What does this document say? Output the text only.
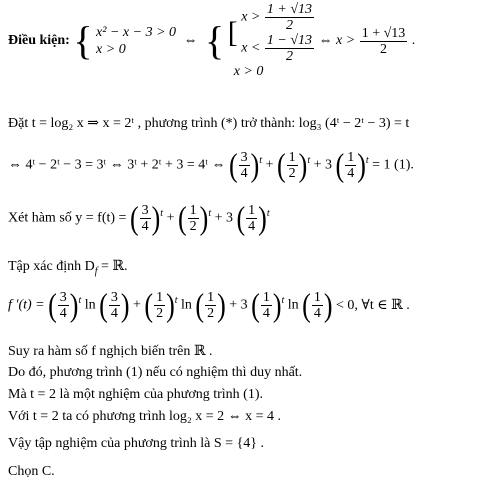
Điều kiện: { x² − x − 3 > 0
x > 0
⇔ { [ $x > \frac{1 + √13}{2}$
$x < \frac{1 - √13}{2}$
x > 0
⇔ $x > \frac{1 + √13}{2}$ .
Đặt t = log₂ x ⇒ x = 2ᵗ , phương trình (*) trở thành: log₃ (4ᵗ − 2ᵗ − 3) = t
⇔ 4ᵗ − 2ᵗ − 3 = 3ᵗ ⇔ 3ᵗ + 2ᵗ + 3 = 4ᵗ ⇔ ( $\frac{3}{4} )^t$ + ( $\frac{1}{2} )^t + 3$ ( $\frac{1}{4} )^t = 1$ (1).
Xét hàm số y = f(t) = ( $\frac{3}{4} )^t$ + ( $\frac{1}{2} )^t + 3$ ( $\frac{1}{4} )^t$
Tập xác định $D_f$ = ℝ.
f ′(t) = ( $\frac{3}{4} )^t$ ln ( $\frac{3}{4}$ ) + ( $\frac{1}{2} )^t$ ln ( $\frac{1}{2}$ ) + 3 ( $\frac{1}{4} )^t$ ln ( $\frac{1}{4}$ ) < 0, ∀t ∈ ℝ .
Suy ra hàm số f nghịch biến trên ℝ .
Do đó, phương trình (1) nếu có nghiệm thì duy nhất.
Mà t = 2 là một nghiệm của phương trình (1).
Với t = 2 ta có phương trình log₂ x = 2 ⇔ x = 4 .
Vậy tập nghiệm của phương trình là S = {4} .
Chọn C.
